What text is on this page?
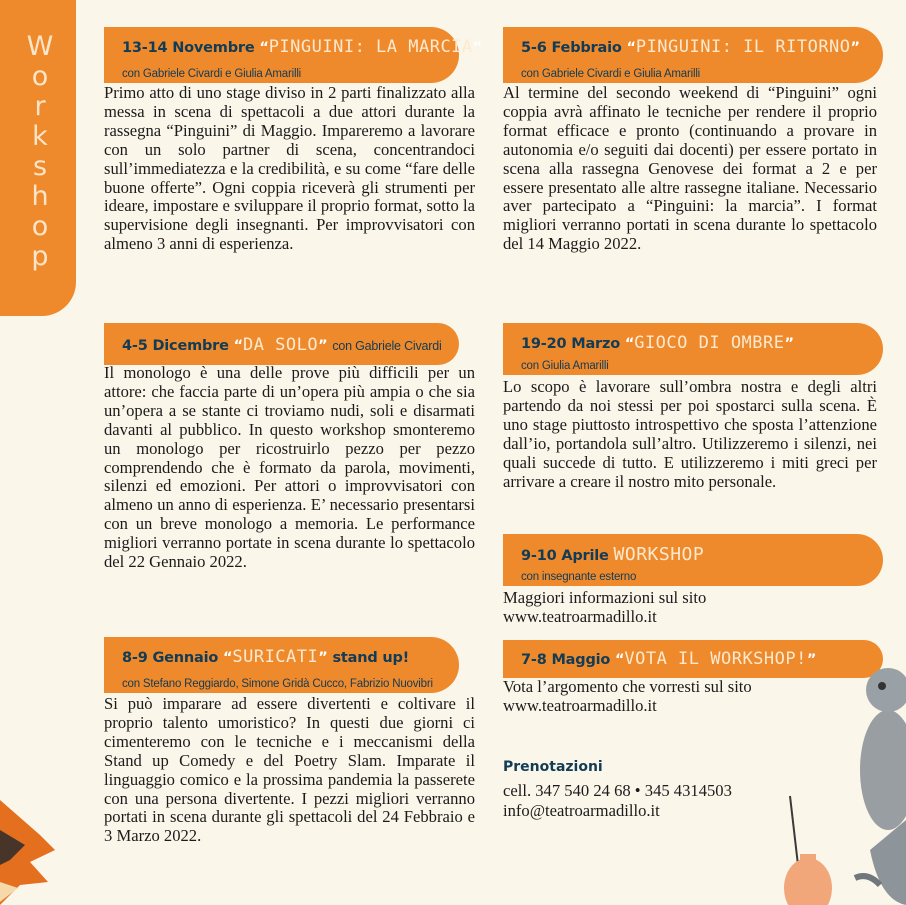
W
o
r
k
s
h
o
p
13-14 Novembre “PINGUINI: LA MARCIA”
con Gabriele Civardi e Giulia Amarilli

Primo atto di uno stage diviso in 2 parti finalizzato alla messa in scena di spettacoli a due attori durante la rassegna “Pinguini” di Maggio. Impareremo a lavorare con un solo partner di scena, concentrandoci sull’immediatezza e la credibilità, e su come “fare delle buone offerte”. Ogni coppia riceverà gli strumenti per ideare, impostare e sviluppare il proprio format, sotto la supervisione degli insegnanti. Per improvvisatori con almeno 3 anni di esperienza.

4-5 Dicembre “DA SOLO” con Gabriele Civardi

Il monologo è una delle prove più difficili per un attore: che faccia parte di un’opera più ampia o che sia un’opera a se stante ci troviamo nudi, soli e disarmati davanti al pubblico. In questo workshop smonteremo un monologo per ricostruirlo pezzo per pezzo comprendendo che è formato da parola, movimenti, silenzi ed emozioni. Per attori o improvvisatori con almeno un anno di esperienza. E’ necessario presentarsi con un breve monologo a memoria. Le performance migliori verranno portate in scena durante lo spettacolo del 22 Gennaio 2022.

8-9 Gennaio “SURICATI” stand up!
con Stefano Reggiardo, Simone Gridà Cucco, Fabrizio Nuovibri

Si può imparare ad essere divertenti e coltivare il proprio talento umoristico? In questi due giorni ci cimenteremo con le tecniche e i meccanismi della Stand up Comedy e del Poetry Slam. Imparate il linguaggio comico e la prossima pandemia la passerete con una persona divertente. I pezzi migliori verranno portati in scena durante gli spettacoli del 24 Febbraio e 3 Marzo 2022.

5-6 Febbraio “PINGUINI: IL RITORNO”
con Gabriele Civardi e Giulia Amarilli

Al termine del secondo weekend di “Pinguini” ogni coppia avrà affinato le tecniche per rendere il proprio format efficace e pronto (continuando a provare in autonomia e/o seguiti dai docenti) per essere portato in scena alla rassegna Genovese dei format a 2 e per essere presentato alle altre rassegne italiane. Necessario aver partecipato a “Pinguini: la marcia”. I format migliori verranno portati in scena durante lo spettacolo del 14 Maggio 2022.

19-20 Marzo “GIOCO DI OMBRE”
con Giulia Amarilli

Lo scopo è lavorare sull’ombra nostra e degli altri partendo da noi stessi per poi spostarci sulla scena. È uno stage piuttosto introspettivo che sposta l’attenzione dall’io, portandola sull’altro. Utilizzeremo i silenzi, nei quali succede di tutto. E utilizzeremo i miti greci per arrivare a creare il nostro mito personale.

9-10 Aprile WORKSHOP
con insegnante esterno

Maggiori informazioni sul sito

www.teatroarmadillo.it

7-8 Maggio “VOTA IL WORKSHOP!”

Vota l’argomento che vorresti sul sito

www.teatroarmadillo.it

Prenotazioni

cell. 347 540 24 68 • 345 4314503

info@teatroarmadillo.it
